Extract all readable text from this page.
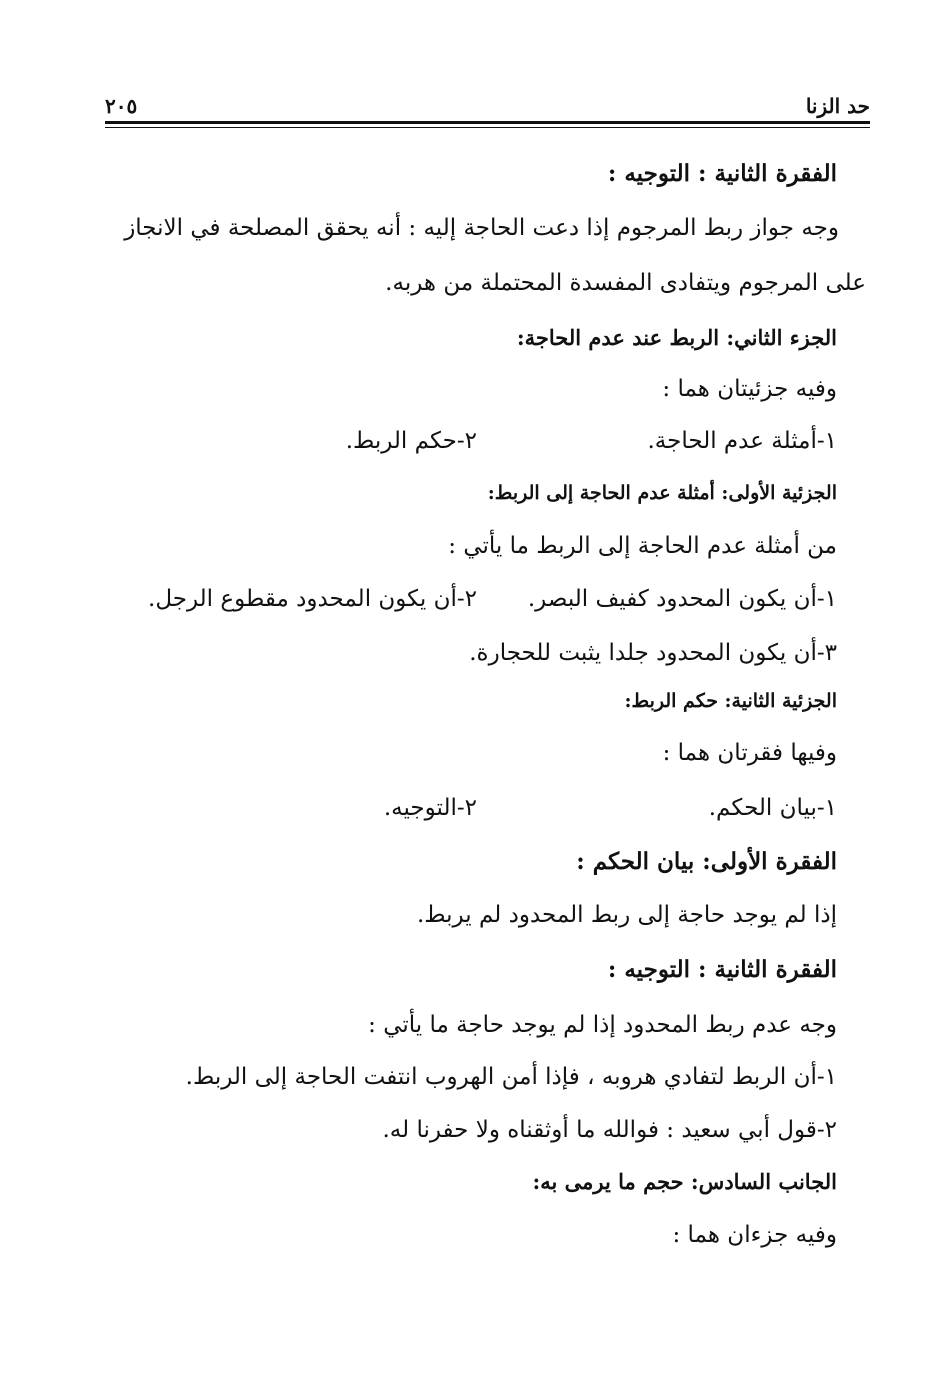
حد الزنا
٢٠٥
الفقرة الثانية : التوجيه :
وجه جواز ربط المرجوم إذا دعت الحاجة إليه : أنه يحقق المصلحة في الانجاز
على المرجوم ويتفادى المفسدة المحتملة من هربه.
الجزء الثاني: الربط عند عدم الحاجة:
وفيه جزئيتان هما :
١-أمثلة عدم الحاجة.
٢-حكم الربط.
الجزئية الأولى: أمثلة عدم الحاجة إلى الربط:
من أمثلة عدم الحاجة إلى الربط ما يأتي :
١-أن يكون المحدود كفيف البصر.
٢-أن يكون المحدود مقطوع الرجل.
٣-أن يكون المحدود جلدا يثبت للحجارة.
الجزئية الثانية: حكم الربط:
وفيها فقرتان هما :
١-بيان الحكم.
٢-التوجيه.
الفقرة الأولى: بيان الحكم :
إذا لم يوجد حاجة إلى ربط المحدود لم يربط.
الفقرة الثانية : التوجيه :
وجه عدم ربط المحدود إذا لم يوجد حاجة ما يأتي :
١-أن الربط لتفادي هروبه ، فإذا أمن الهروب انتفت الحاجة إلى الربط.
٢-قول أبي سعيد : فوالله ما أوثقناه ولا حفرنا له.
الجانب السادس: حجم ما يرمى به:
وفيه جزءان هما :
